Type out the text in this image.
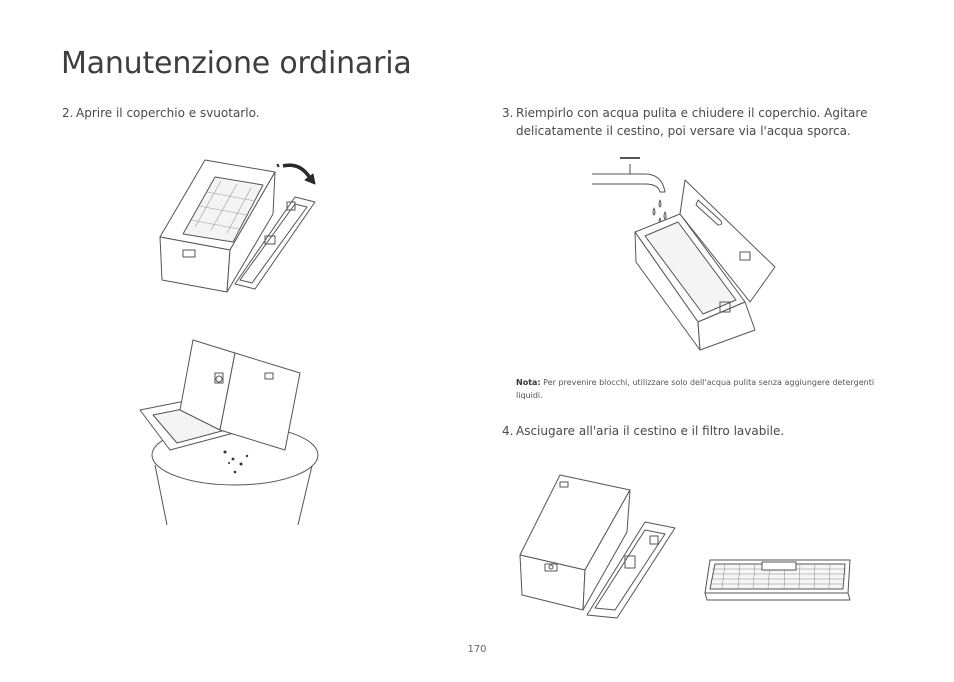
Manutenzione ordinaria
2. Aprire il coperchio e svuotarlo.	3. Riempirlo con acqua pulita e chiudere il coperchio. Agitare delicatamente il cestino, poi versare via l'acqua sporca.
Nota: Per prevenire blocchi, utilizzare solo dell'acqua pulita senza aggiungere detergenti liquidi.
4. Asciugare all'aria il cestino e il filtro lavabile.
170
